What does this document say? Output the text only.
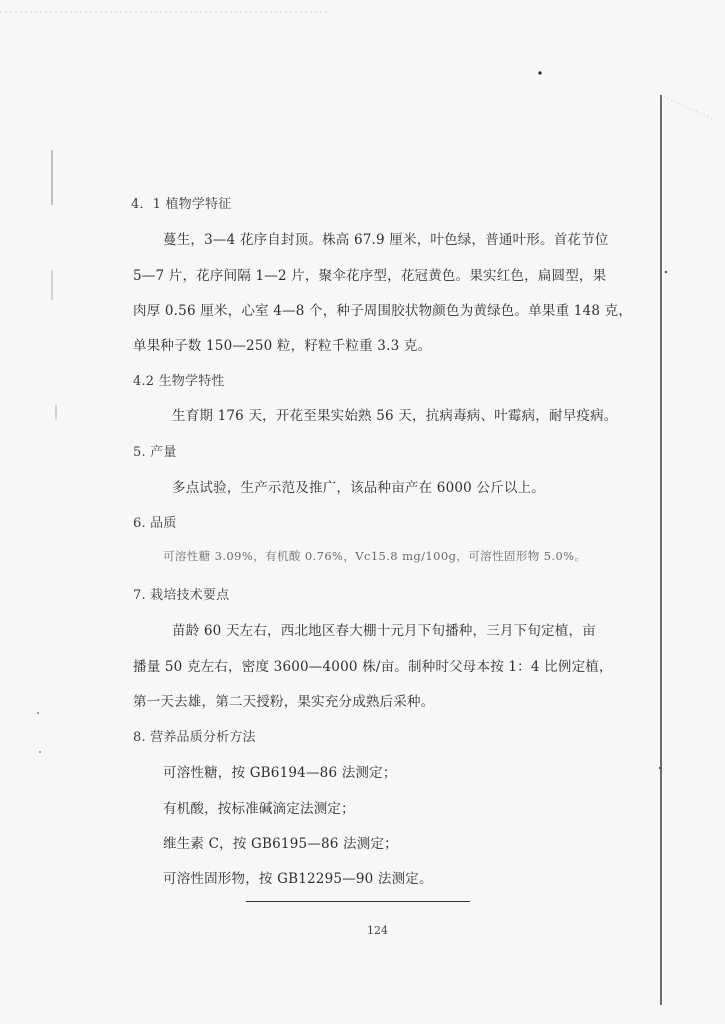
4．1 植物学特征
蔓生，3—4 花序自封顶。株高 67.9 厘米，叶色绿，普通叶形。首花节位
5—7 片，花序间隔 1—2 片，聚伞花序型，花冠黄色。果实红色，扁圆型，果
肉厚 0.56 厘米，心室 4—8 个，种子周围胶状物颜色为黄绿色。单果重 148 克，
单果种子数 150—250 粒，籽粒千粒重 3.3 克。
4.2 生物学特性
生育期 176 天，开花至果实始熟 56 天，抗病毒病、叶霉病，耐早疫病。
5. 产量
多点试验，生产示范及推广，该品种亩产在 6000 公斤以上。
6. 品质
可溶性糖 3.09%，有机酸 0.76%，Vc15.8 mg/100g，可溶性固形物 5.0%。
7. 栽培技术要点
苗龄 60 天左右，西北地区春大棚十元月下旬播种，三月下旬定植，亩
播量 50 克左右，密度 3600—4000 株/亩。制种时父母本按 1：4 比例定植，
第一天去雄，第二天授粉，果实充分成熟后采种。
8. 营养品质分析方法
可溶性糖，按 GB6194—86 法测定；
有机酸，按标准碱滴定法测定；
维生素 C，按 GB6195—86 法测定；
可溶性固形物，按 GB12295—90 法测定。
124
